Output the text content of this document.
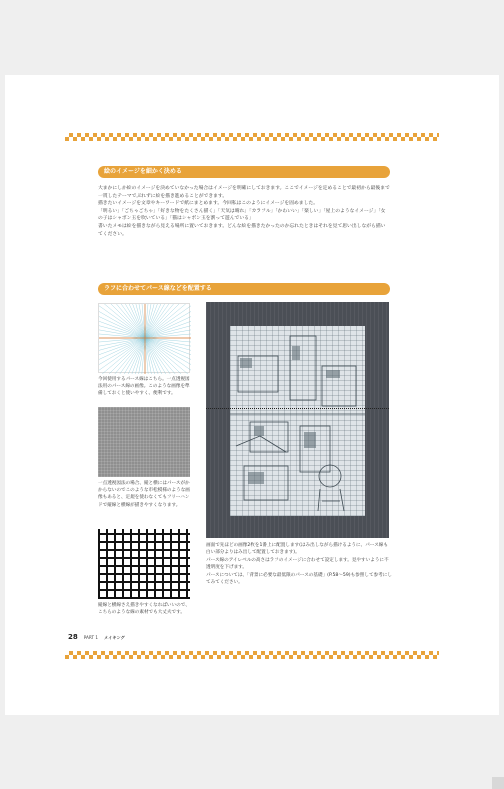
絵のイメージを細かく決める

大まかにしか絵のイメージを決めていなかった場合はイメージを明確にしておきます。ここでイメージを定めることで最初から最後まで一貫したテーマでぶれずに絵を描き進めることができます。

描きたいイメージを文章やキーワードで紙にまとめます。今回私はこのようにイメージを固めました。

「明るい」「ごちゃごちゃ」「好きな物をたくさん描く」「天気は晴れ」「カラフル」「かわいい」「楽しい」「屋上のようなイメージ」「女の子はシャボン玉を吹いている」「猫はシャボン玉を割って遊んでいる」

書いたメモは絵を描きながら見える場所に置いておきます。どんな絵を描きたかったのか忘れたときはそれを見て思い出しながら描いてください。

ラフに合わせてパース線などを配置する

今回使用するパース線はこちら。一点透視図法用のパース線の画像。このような画像を準備しておくと使いやすく、便利です。

一点透視図法の場合、縦と横にはパースがかからないのでこのような市松模様のような画像もあると、定規を使わなくてもフリーハンドで縦線と横線が描きやすくなります。

縦線と横線さえ描きやすくなればいいので、こちらのような線の素材でも大丈夫です。

画面で先ほどの画像2枚を1番上に配置します(はみ出しながら描けるように、パース線も白い部分よりはみ出して配置しておきます)。

パース線のアイレベルの高さはラフのイメージに合わせて設定します。見やすいように不透明度を下げます。

パースについては、「背景に必要な最低限のパースの基礎」(P.58〜59)も参照して参考にしてみてください。

28 PART 1 メイキング
